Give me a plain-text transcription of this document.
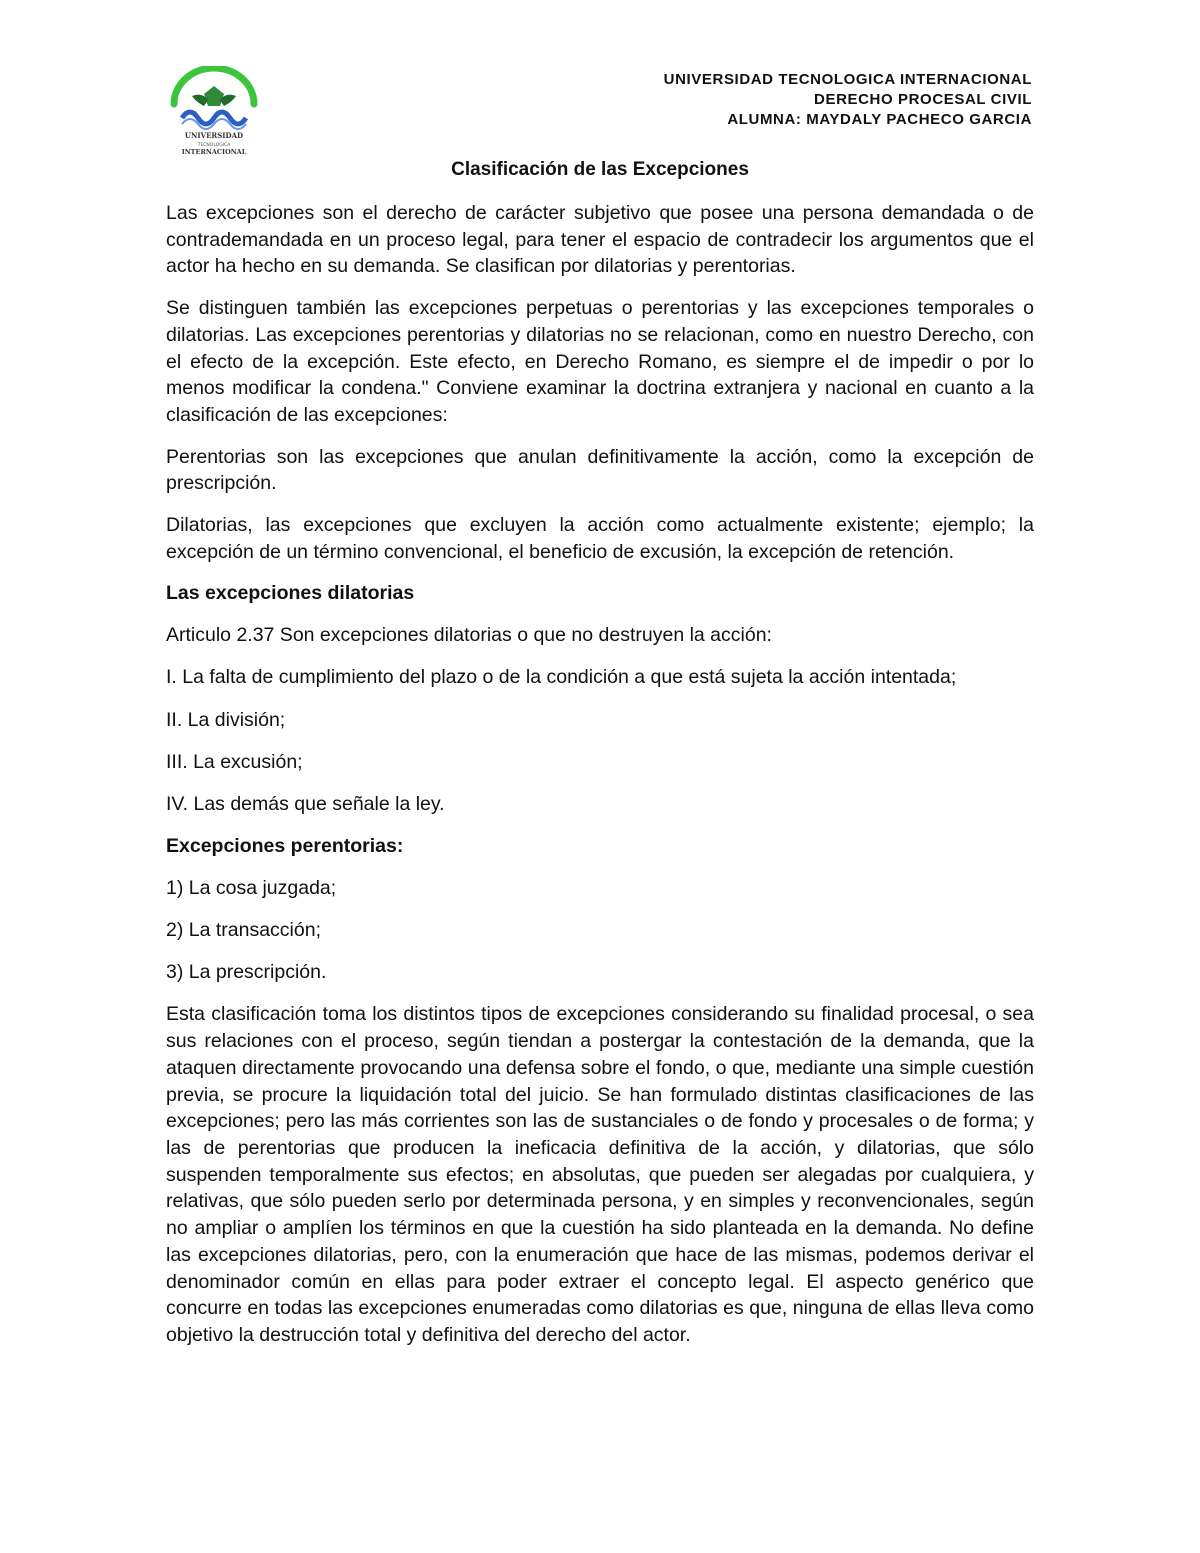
UNIVERSIDAD
TECNOLOGICA
INTERNACIONAL
UNIVERSIDAD TECNOLOGICA INTERNACIONAL
DERECHO PROCESAL CIVIL
ALUMNA: MAYDALY PACHECO GARCIA
Clasificación de las Excepciones

Las excepciones son el derecho de carácter subjetivo que posee una persona demandada o de contrademandada en un proceso legal, para tener el espacio de contradecir los argumentos que el actor ha hecho en su demanda. Se clasifican por dilatorias y perentorias.

Se distinguen también las excepciones perpetuas o perentorias y las excepciones temporales o dilatorias. Las excepciones perentorias y dilatorias no se relacionan, como en nuestro Derecho, con el efecto de la excepción. Este efecto, en Derecho Romano, es siempre el de impedir o por lo menos modificar la condena." Conviene examinar la doctrina extranjera y nacional en cuanto a la clasificación de las excepciones:

Perentorias son las excepciones que anulan definitivamente la acción, como la excepción de prescripción.

Dilatorias, las excepciones que excluyen la acción como actualmente existente; ejemplo; la excepción de un término convencional, el beneficio de excusión, la excepción de retención.

Las excepciones dilatorias
Articulo 2.37 Son excepciones dilatorias o que no destruyen la acción:
I. La falta de cumplimiento del plazo o de la condición a que está sujeta la acción intentada;
II. La división;
III. La excusión;
IV. Las demás que señale la ley.
Excepciones perentorias:
1) La cosa juzgada;
2) La transacción;
3) La prescripción.

Esta clasificación toma los distintos tipos de excepciones considerando su finalidad procesal, o sea sus relaciones con el proceso, según tiendan a postergar la contestación de la demanda, que la ataquen directamente provocando una defensa sobre el fondo, o que, mediante una simple cuestión previa, se procure la liquidación total del juicio. Se han formulado distintas clasificaciones de las excepciones; pero las más corrientes son las de sustanciales o de fondo y procesales o de forma; y las de perentorias que producen la ineficacia definitiva de la acción, y dilatorias, que sólo suspenden temporalmente sus efectos; en absolutas, que pueden ser alegadas por cualquiera, y relativas, que sólo pueden serlo por determinada persona, y en simples y reconvencionales, según no ampliar o amplíen los términos en que la cuestión ha sido planteada en la demanda. No define las excepciones dilatorias, pero, con la enumeración que hace de las mismas, podemos derivar el denominador común en ellas para poder extraer el concepto legal. El aspecto genérico que concurre en todas las excepciones enumeradas como dilatorias es que, ninguna de ellas lleva como objetivo la destrucción total y definitiva del derecho del actor.
